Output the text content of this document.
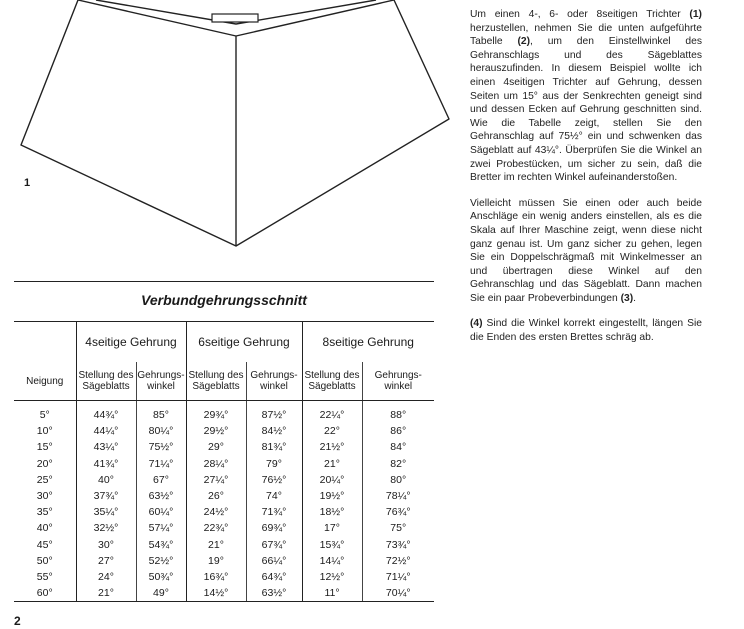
1
Verbundgehrungsschnitt
	4seitige Gehrung		6seitige Gehrung		8seitige Gehrung	
Neigung	Stellung des Sägeblatts	Gehrungs-winkel	Stellung des Sägeblatts	Gehrungs-winkel	Stellung des Sägeblatts	Gehrungs-winkel
5°	44¾°	85°	29¾°	87½°	22¼°	88°
10°	44¼°	80¼°	29½°	84½°	22°	86°
15°	43¼°	75½°	29°	81¾°	21½°	84°
20°	41¾°	71¼°	28¼°	79°	21°	82°
25°	40°	67°	27¼°	76½°	20¼°	80°
30°	37¾°	63½°	26°	74°	19½°	78¼°
35°	35¼°	60¼°	24½°	71¾°	18½°	76¾°
40°	32½°	57¼°	22¾°	69¾°	17°	75°
45°	30°	54¾°	21°	67¾°	15¾°	73¾°
50°	27°	52½°	19°	66¼°	14¼°	72½°
55°	24°	50¾°	16¾°	64¾°	12½°	71¼°
60°	21°	49°	14½°	63½°	11°	70¼°
2

Um einen 4-, 6- oder 8seitigen Trichter (1) herzustellen, nehmen Sie die unten aufgeführte Tabelle (2), um den Einstellwinkel des Gehranschlags und des Sägeblattes herauszufinden. In diesem Beispiel wollte ich einen 4seitigen Trichter auf Gehrung, dessen Seiten um 15° aus der Senkrechten geneigt sind und dessen Ecken auf Gehrung geschnitten sind. Wie die Tabelle zeigt, stellen Sie den Gehranschlag auf 75½° ein und schwenken das Sägeblatt auf 43¼°. Überprüfen Sie die Winkel an zwei Probestücken, um sicher zu sein, daß die Bretter im rechten Winkel aufeinanderstoßen.

Vielleicht müssen Sie einen oder auch beide Anschläge ein wenig anders einstellen, als es die Skala auf Ihrer Maschine zeigt, wenn diese nicht ganz genau ist. Um ganz sicher zu gehen, legen Sie ein Doppelschrägmaß mit Winkelmesser an und übertragen diese Winkel auf den Gehranschlag und das Sägeblatt. Dann machen Sie ein paar Probeverbindungen (3).

(4) Sind die Winkel korrekt eingestellt, längen Sie die Enden des ersten Brettes schräg ab.
